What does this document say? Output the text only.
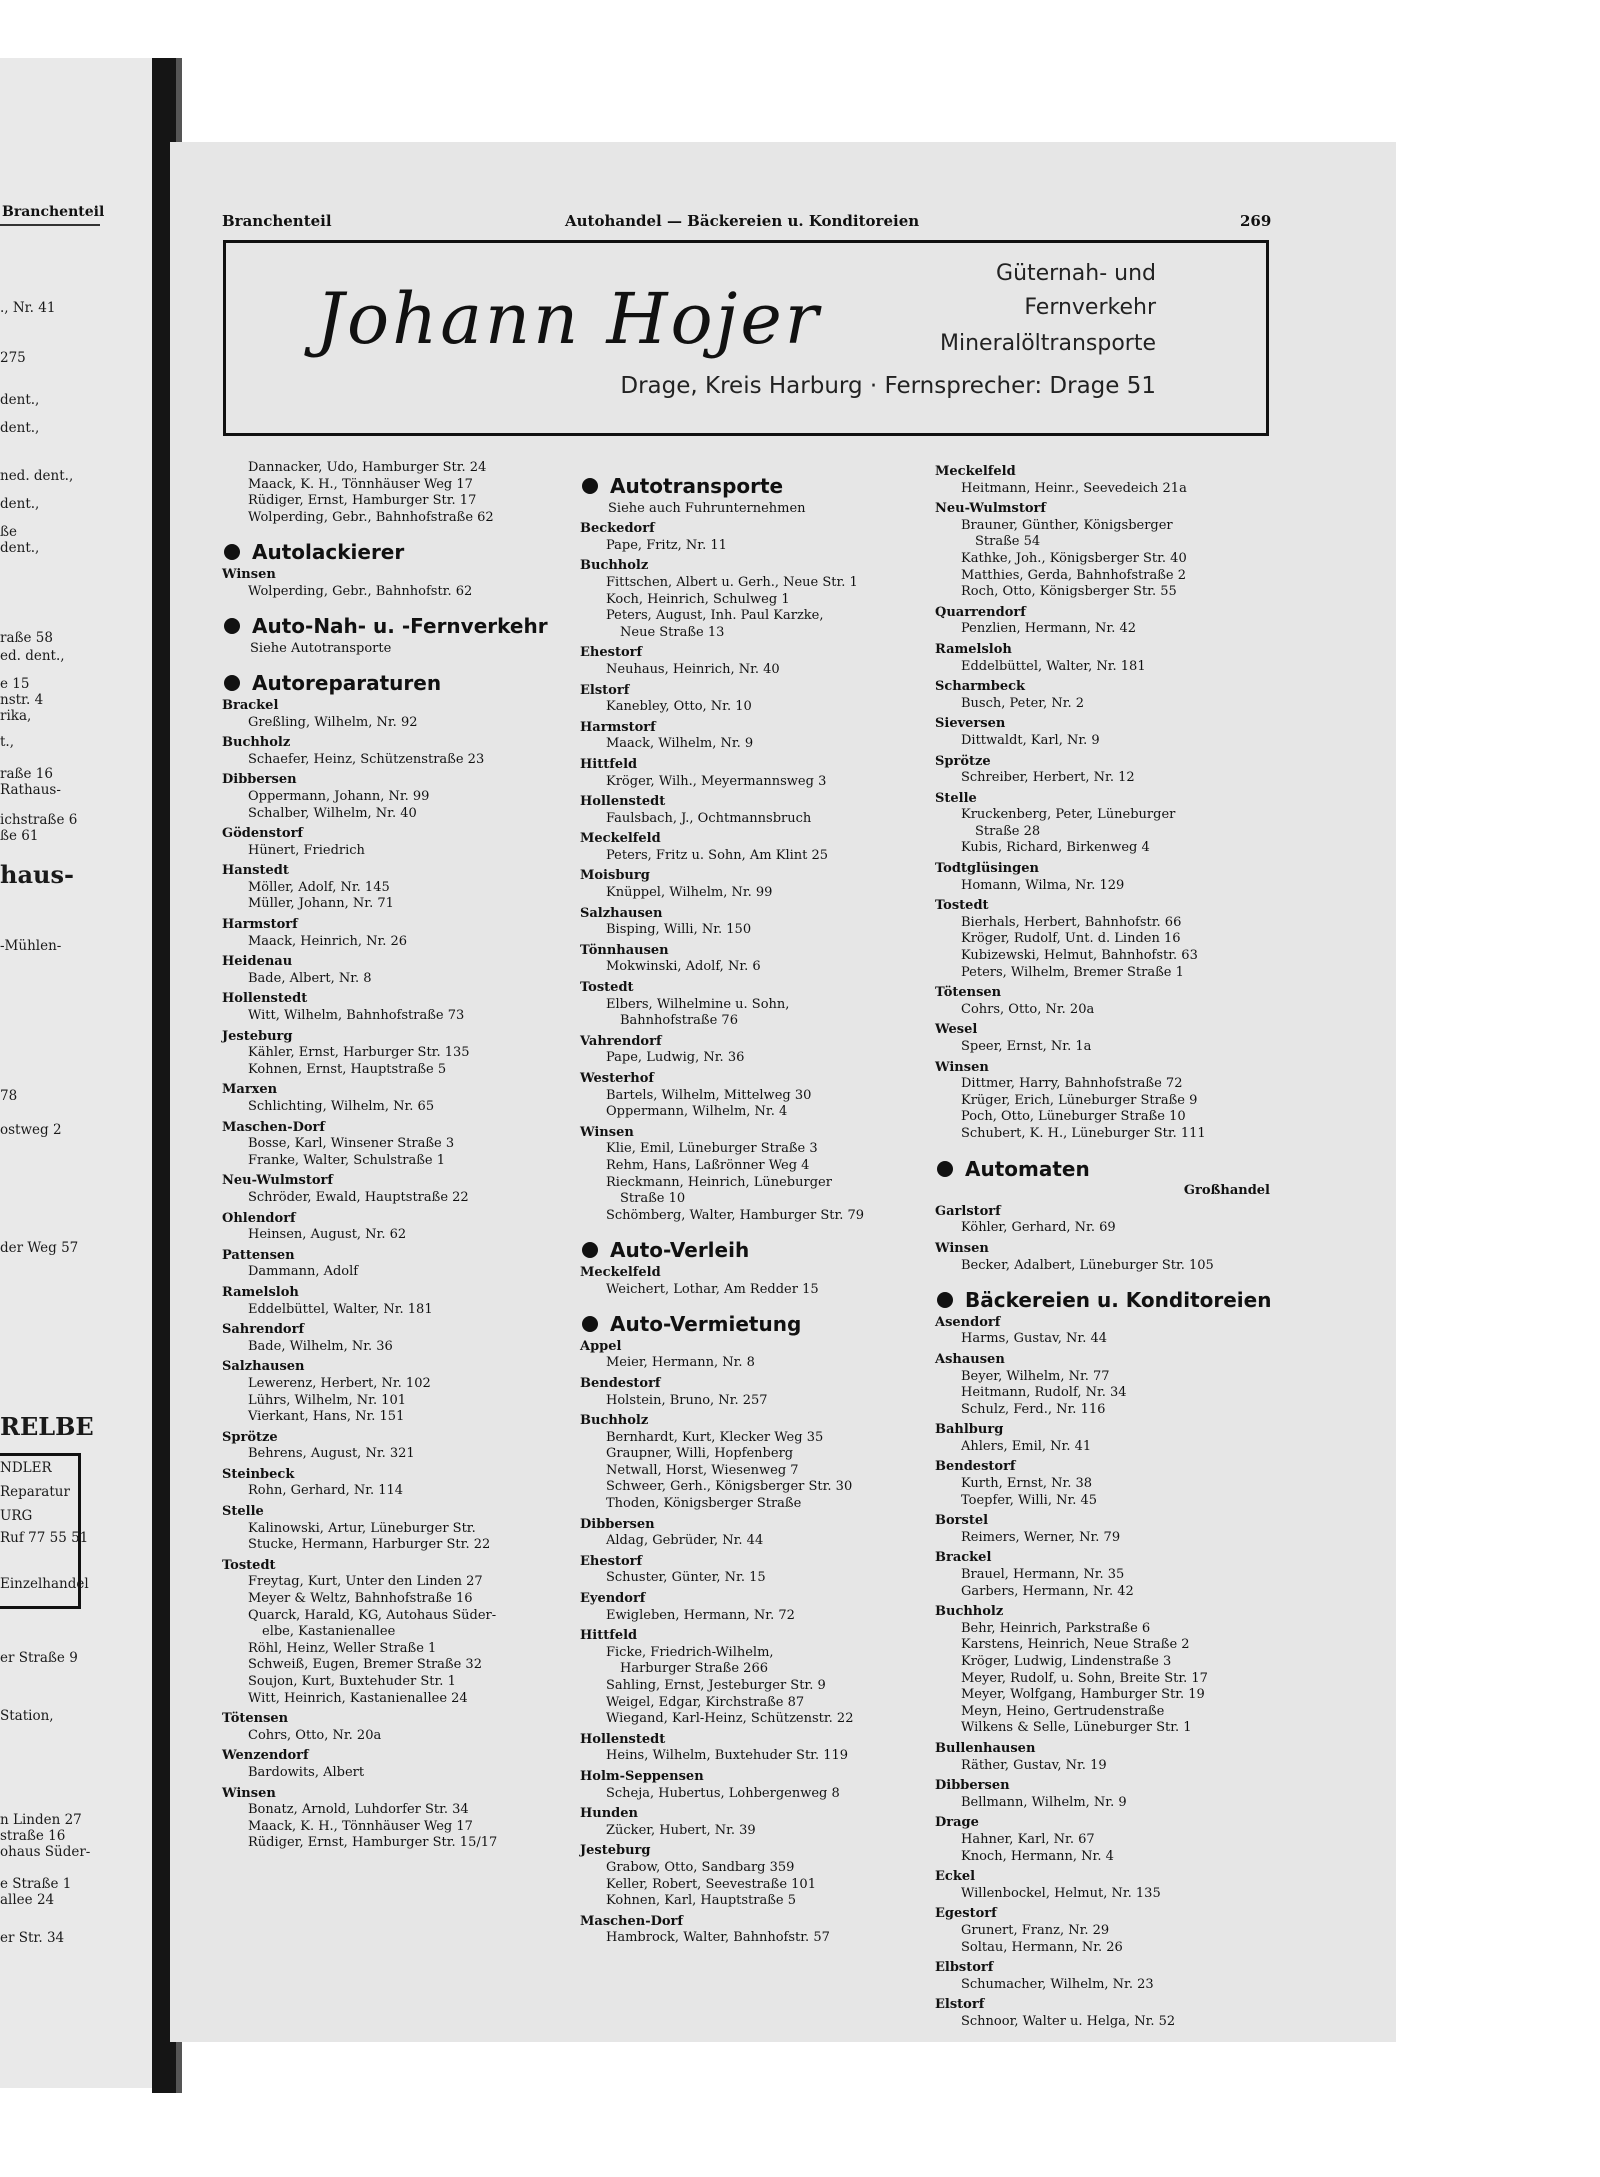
Branchenteil
., Nr. 41
275
dent.,
dent.,
ned. dent.,
dent.,
ße
dent.,
raße 58
ed. dent.,
e 15
nstr. 4
rika,
t.,
raße 16
Rathaus-
ichstraße 6
ße 61
haus-
-Mühlen-
78
ostweg 2
der Weg 57
RELBE
NDLER
Reparatur
URG
Ruf 77 55 51
Einzelhandel
er Straße 9
Station,
n Linden 27
straße 16
ohaus Süder-
e Straße 1
allee 24
er Str. 34
Branchenteil	Autohandel — Bäckereien u. Konditoreien	269
Johann Hojer
Güternah- und
Fernverkehr
Mineralöltransporte
Drage, Kreis Harburg · Fernsprecher: Drage 51
Dannacker, Udo, Hamburger Str. 24
Maack, K. H., Tönnhäuser Weg 17
Rüdiger, Ernst, Hamburger Str. 17
Wolperding, Gebr., Bahnhofstraße 62
Autolackierer
Winsen
Wolperding, Gebr., Bahnhofstr. 62
Auto-Nah- u. -Fernverkehr
Siehe Autotransporte
Autoreparaturen
Brackel
Greßling, Wilhelm, Nr. 92
Buchholz
Schaefer, Heinz, Schützenstraße 23
Dibbersen
Oppermann, Johann, Nr. 99
Schalber, Wilhelm, Nr. 40
Gödenstorf
Hünert, Friedrich
Hanstedt
Möller, Adolf, Nr. 145
Müller, Johann, Nr. 71
Harmstorf
Maack, Heinrich, Nr. 26
Heidenau
Bade, Albert, Nr. 8
Hollenstedt
Witt, Wilhelm, Bahnhofstraße 73
Jesteburg
Kähler, Ernst, Harburger Str. 135
Kohnen, Ernst, Hauptstraße 5
Marxen
Schlichting, Wilhelm, Nr. 65
Maschen-Dorf
Bosse, Karl, Winsener Straße 3
Franke, Walter, Schulstraße 1
Neu-Wulmstorf
Schröder, Ewald, Hauptstraße 22
Ohlendorf
Heinsen, August, Nr. 62
Pattensen
Dammann, Adolf
Ramelsloh
Eddelbüttel, Walter, Nr. 181
Sahrendorf
Bade, Wilhelm, Nr. 36
Salzhausen
Lewerenz, Herbert, Nr. 102
Lührs, Wilhelm, Nr. 101
Vierkant, Hans, Nr. 151
Sprötze
Behrens, August, Nr. 321
Steinbeck
Rohn, Gerhard, Nr. 114
Stelle
Kalinowski, Artur, Lüneburger Str.
Stucke, Hermann, Harburger Str. 22
Tostedt
Freytag, Kurt, Unter den Linden 27
Meyer & Weltz, Bahnhofstraße 16
Quarck, Harald, KG, Autohaus Süder-
elbe, Kastanienallee
Röhl, Heinz, Weller Straße 1
Schweiß, Eugen, Bremer Straße 32
Soujon, Kurt, Buxtehuder Str. 1
Witt, Heinrich, Kastanienallee 24
Tötensen
Cohrs, Otto, Nr. 20a
Wenzendorf
Bardowits, Albert
Winsen
Bonatz, Arnold, Luhdorfer Str. 34
Maack, K. H., Tönnhäuser Weg 17
Rüdiger, Ernst, Hamburger Str. 15/17
Autotransporte
Siehe auch Fuhrunternehmen
Beckedorf
Pape, Fritz, Nr. 11
Buchholz
Fittschen, Albert u. Gerh., Neue Str. 1
Koch, Heinrich, Schulweg 1
Peters, August, Inh. Paul Karzke,
Neue Straße 13
Ehestorf
Neuhaus, Heinrich, Nr. 40
Elstorf
Kanebley, Otto, Nr. 10
Harmstorf
Maack, Wilhelm, Nr. 9
Hittfeld
Kröger, Wilh., Meyermannsweg 3
Hollenstedt
Faulsbach, J., Ochtmannsbruch
Meckelfeld
Peters, Fritz u. Sohn, Am Klint 25
Moisburg
Knüppel, Wilhelm, Nr. 99
Salzhausen
Bisping, Willi, Nr. 150
Tönnhausen
Mokwinski, Adolf, Nr. 6
Tostedt
Elbers, Wilhelmine u. Sohn,
Bahnhofstraße 76
Vahrendorf
Pape, Ludwig, Nr. 36
Westerhof
Bartels, Wilhelm, Mittelweg 30
Oppermann, Wilhelm, Nr. 4
Winsen
Klie, Emil, Lüneburger Straße 3
Rehm, Hans, Laßrönner Weg 4
Rieckmann, Heinrich, Lüneburger
Straße 10
Schömberg, Walter, Hamburger Str. 79
Auto-Verleih
Meckelfeld
Weichert, Lothar, Am Redder 15
Auto-Vermietung
Appel
Meier, Hermann, Nr. 8
Bendestorf
Holstein, Bruno, Nr. 257
Buchholz
Bernhardt, Kurt, Klecker Weg 35
Graupner, Willi, Hopfenberg
Netwall, Horst, Wiesenweg 7
Schweer, Gerh., Königsberger Str. 30
Thoden, Königsberger Straße
Dibbersen
Aldag, Gebrüder, Nr. 44
Ehestorf
Schuster, Günter, Nr. 15
Eyendorf
Ewigleben, Hermann, Nr. 72
Hittfeld
Ficke, Friedrich-Wilhelm,
Harburger Straße 266
Sahling, Ernst, Jesteburger Str. 9
Weigel, Edgar, Kirchstraße 87
Wiegand, Karl-Heinz, Schützenstr. 22
Hollenstedt
Heins, Wilhelm, Buxtehuder Str. 119
Holm-Seppensen
Scheja, Hubertus, Lohbergenweg 8
Hunden
Zücker, Hubert, Nr. 39
Jesteburg
Grabow, Otto, Sandbarg 359
Keller, Robert, Seevestraße 101
Kohnen, Karl, Hauptstraße 5
Maschen-Dorf
Hambrock, Walter, Bahnhofstr. 57
Meckelfeld
Heitmann, Heinr., Seevedeich 21a
Neu-Wulmstorf
Brauner, Günther, Königsberger
Straße 54
Kathke, Joh., Königsberger Str. 40
Matthies, Gerda, Bahnhofstraße 2
Roch, Otto, Königsberger Str. 55
Quarrendorf
Penzlien, Hermann, Nr. 42
Ramelsloh
Eddelbüttel, Walter, Nr. 181
Scharmbeck
Busch, Peter, Nr. 2
Sieversen
Dittwaldt, Karl, Nr. 9
Sprötze
Schreiber, Herbert, Nr. 12
Stelle
Kruckenberg, Peter, Lüneburger
Straße 28
Kubis, Richard, Birkenweg 4
Todtglüsingen
Homann, Wilma, Nr. 129
Tostedt
Bierhals, Herbert, Bahnhofstr. 66
Kröger, Rudolf, Unt. d. Linden 16
Kubizewski, Helmut, Bahnhofstr. 63
Peters, Wilhelm, Bremer Straße 1
Tötensen
Cohrs, Otto, Nr. 20a
Wesel
Speer, Ernst, Nr. 1a
Winsen
Dittmer, Harry, Bahnhofstraße 72
Krüger, Erich, Lüneburger Straße 9
Poch, Otto, Lüneburger Straße 10
Schubert, K. H., Lüneburger Str. 111
Automaten
Großhandel
Garlstorf
Köhler, Gerhard, Nr. 69
Winsen
Becker, Adalbert, Lüneburger Str. 105
Bäckereien u. Konditoreien
Asendorf
Harms, Gustav, Nr. 44
Ashausen
Beyer, Wilhelm, Nr. 77
Heitmann, Rudolf, Nr. 34
Schulz, Ferd., Nr. 116
Bahlburg
Ahlers, Emil, Nr. 41
Bendestorf
Kurth, Ernst, Nr. 38
Toepfer, Willi, Nr. 45
Borstel
Reimers, Werner, Nr. 79
Brackel
Brauel, Hermann, Nr. 35
Garbers, Hermann, Nr. 42
Buchholz
Behr, Heinrich, Parkstraße 6
Karstens, Heinrich, Neue Straße 2
Kröger, Ludwig, Lindenstraße 3
Meyer, Rudolf, u. Sohn, Breite Str. 17
Meyer, Wolfgang, Hamburger Str. 19
Meyn, Heino, Gertrudenstraße
Wilkens & Selle, Lüneburger Str. 1
Bullenhausen
Räther, Gustav, Nr. 19
Dibbersen
Bellmann, Wilhelm, Nr. 9
Drage
Hahner, Karl, Nr. 67
Knoch, Hermann, Nr. 4
Eckel
Willenbockel, Helmut, Nr. 135
Egestorf
Grunert, Franz, Nr. 29
Soltau, Hermann, Nr. 26
Elbstorf
Schumacher, Wilhelm, Nr. 23
Elstorf
Schnoor, Walter u. Helga, Nr. 52
